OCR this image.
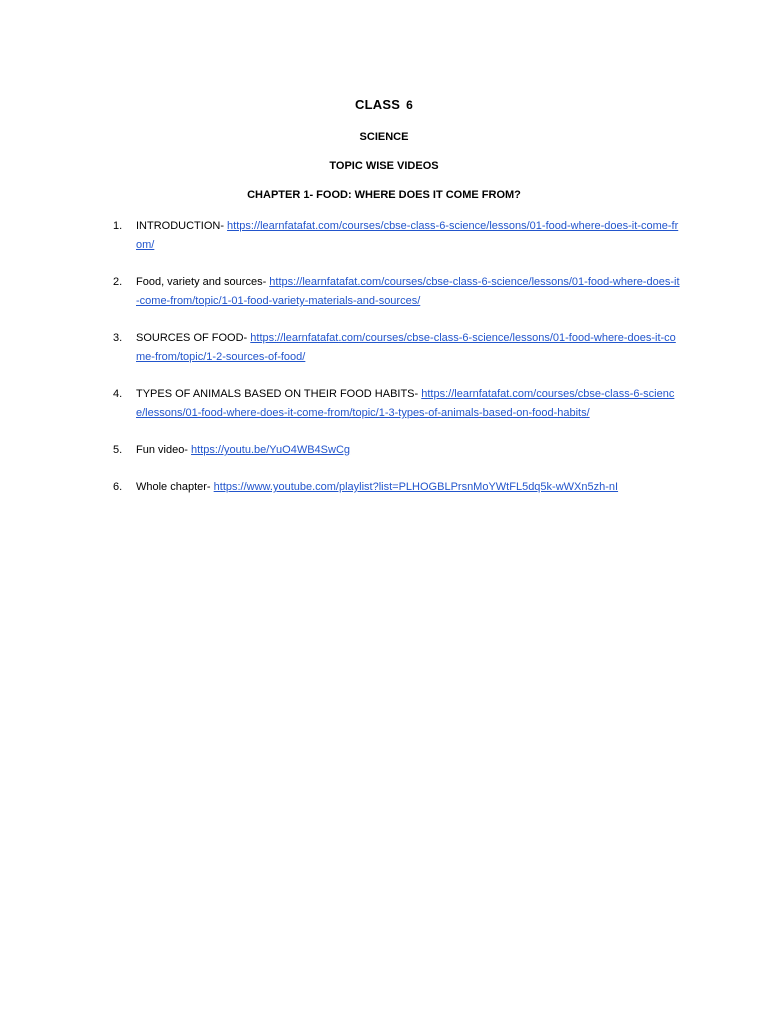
CLASS 6
SCIENCE
TOPIC WISE VIDEOS
CHAPTER 1- FOOD: WHERE DOES IT COME FROM?
1. INTRODUCTION- https://learnfatafat.com/courses/cbse-class-6-science/lessons/01-food-where-does-it-come-from/
2. Food, variety and sources- https://learnfatafat.com/courses/cbse-class-6-science/lessons/01-food-where-does-it-come-from/topic/1-01-food-variety-materials-and-sources/
3. SOURCES OF FOOD- https://learnfatafat.com/courses/cbse-class-6-science/lessons/01-food-where-does-it-come-from/topic/1-2-sources-of-food/
4. TYPES OF ANIMALS BASED ON THEIR FOOD HABITS- https://learnfatafat.com/courses/cbse-class-6-science/lessons/01-food-where-does-it-come-from/topic/1-3-types-of-animals-based-on-food-habits/
5. Fun video- https://youtu.be/YuO4WB4SwCg
6. Whole chapter- https://www.youtube.com/playlist?list=PLHOGBLPrsnMoYWtFL5dq5k-wWXn5zh-nI
